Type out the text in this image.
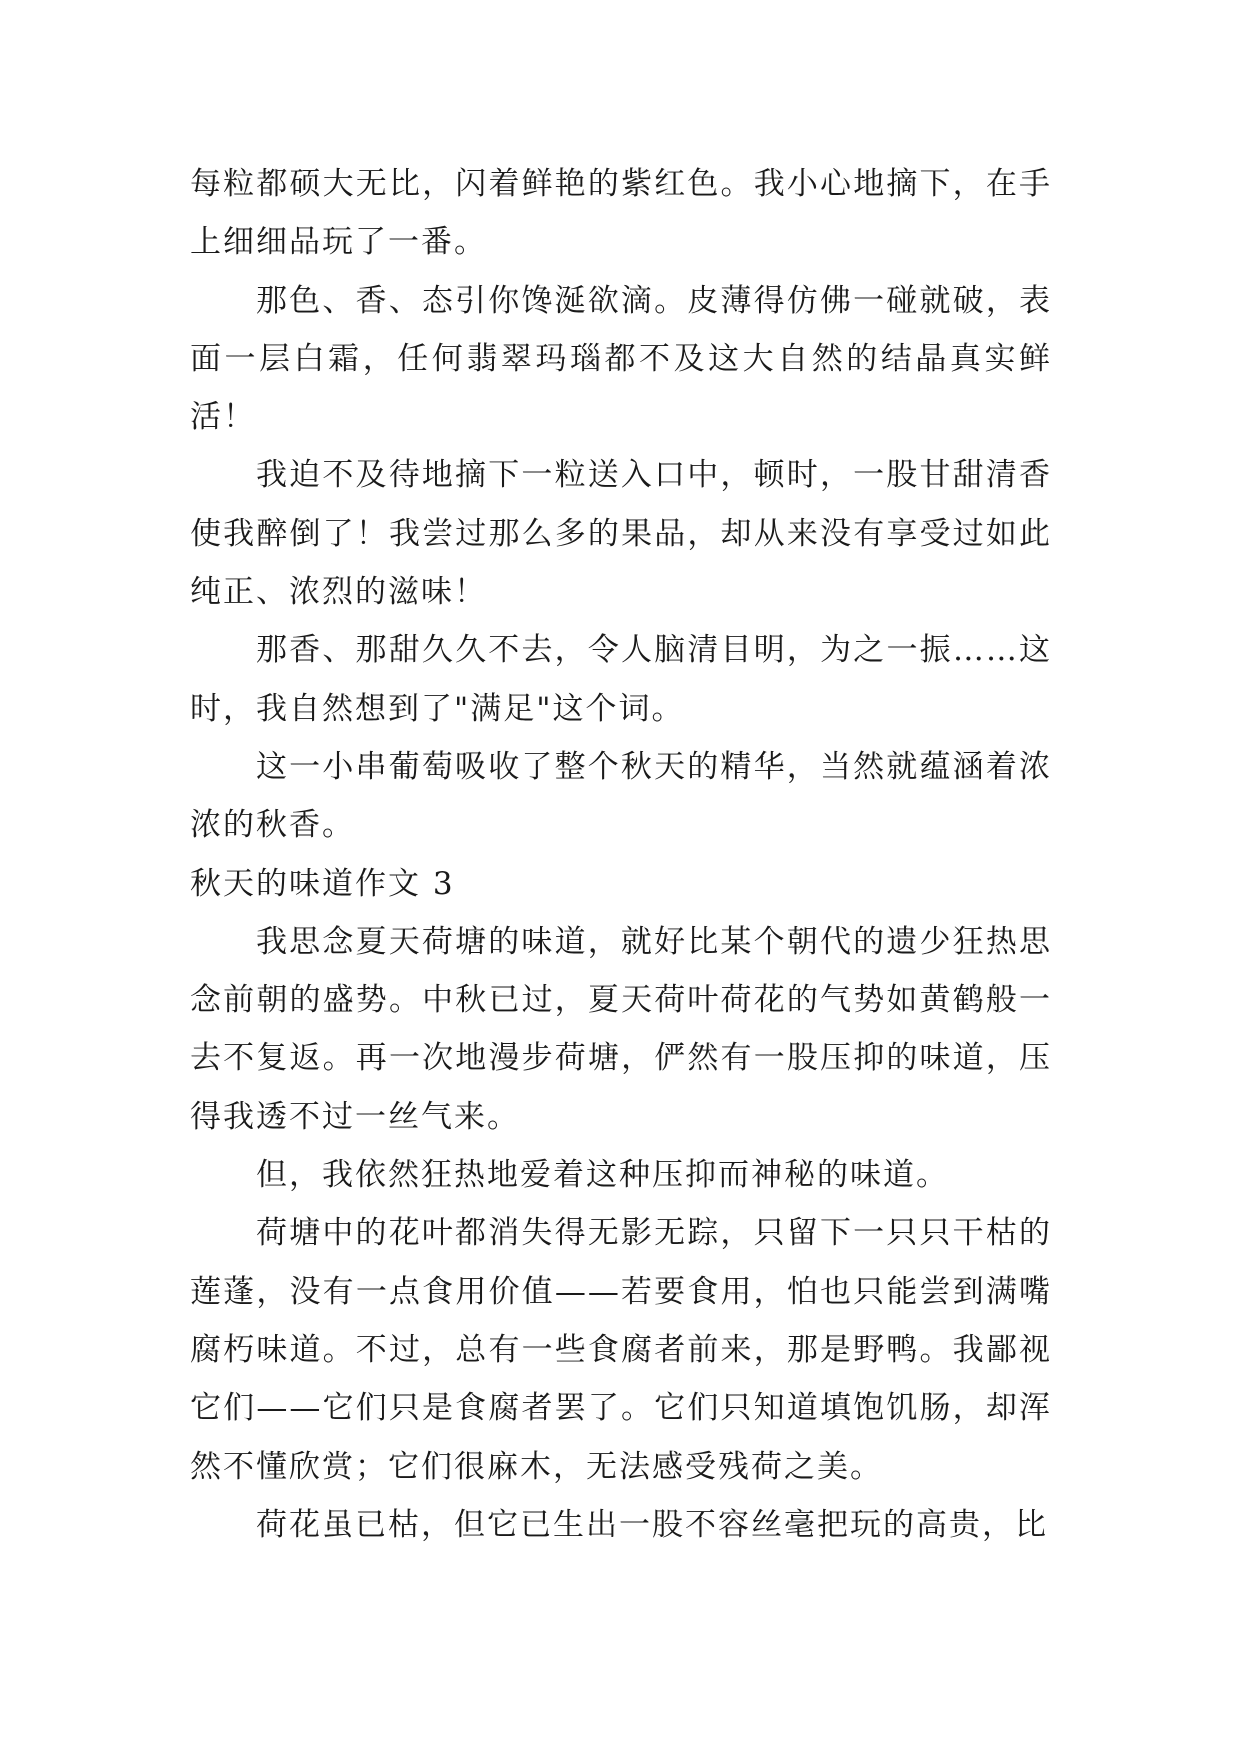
每粒都硕大无比，闪着鲜艳的紫红色。我小心地摘下，在手上细细品玩了一番。

那色、香、态引你馋涎欲滴。皮薄得仿佛一碰就破，表面一层白霜，任何翡翠玛瑙都不及这大自然的结晶真实鲜活！

我迫不及待地摘下一粒送入口中，顿时，一股甘甜清香使我醉倒了！我尝过那么多的果品，却从来没有享受过如此纯正、浓烈的滋味！

那香、那甜久久不去，令人脑清目明，为之一振……这时，我自然想到了"满足"这个词。

这一小串葡萄吸收了整个秋天的精华，当然就蕴涵着浓浓的秋香。

秋天的味道作文 3

我思念夏天荷塘的味道，就好比某个朝代的遗少狂热思念前朝的盛势。中秋已过，夏天荷叶荷花的气势如黄鹤般一去不复返。再一次地漫步荷塘，俨然有一股压抑的味道，压得我透不过一丝气来。

但，我依然狂热地爱着这种压抑而神秘的味道。

荷塘中的花叶都消失得无影无踪，只留下一只只干枯的莲蓬，没有一点食用价值——若要食用，怕也只能尝到满嘴腐朽味道。不过，总有一些食腐者前来，那是野鸭。我鄙视它们——它们只是食腐者罢了。它们只知道填饱饥肠，却浑然不懂欣赏；它们很麻木，无法感受残荷之美。

荷花虽已枯，但它已生出一股不容丝毫把玩的高贵，比
